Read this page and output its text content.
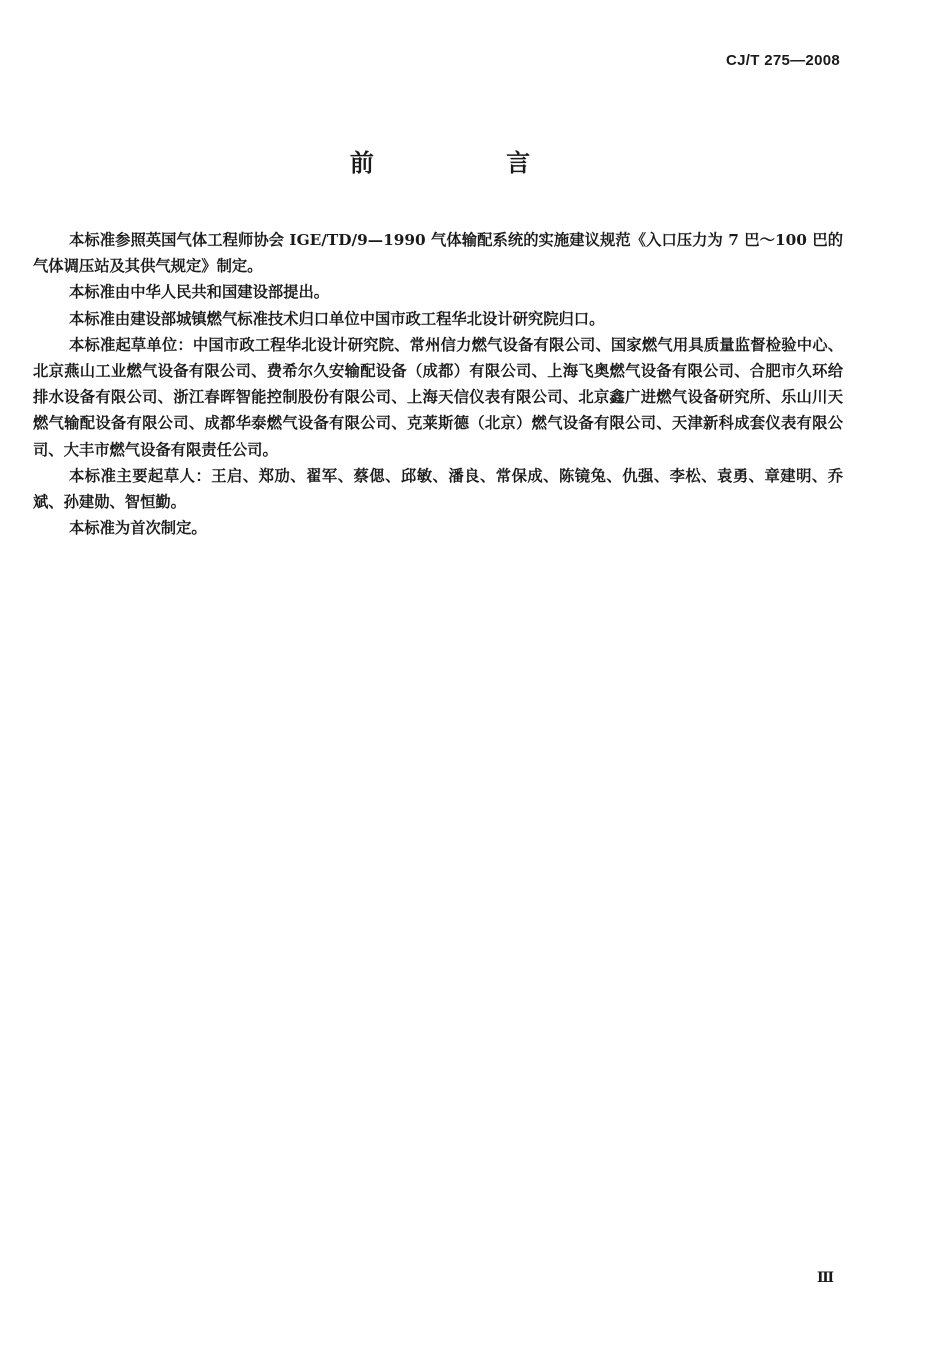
CJ/T 275—2008
前 言

本标准参照英国气体工程师协会 IGE/TD/9—1990 气体输配系统的实施建议规范《入口压力为 7 巴～100 巴的气体调压站及其供气规定》制定。

本标准由中华人民共和国建设部提出。

本标准由建设部城镇燃气标准技术归口单位中国市政工程华北设计研究院归口。

本标准起草单位：中国市政工程华北设计研究院、常州信力燃气设备有限公司、国家燃气用具质量监督检验中心、北京燕山工业燃气设备有限公司、费希尔久安输配设备（成都）有限公司、上海飞奥燃气设备有限公司、合肥市久环给排水设备有限公司、浙江春晖智能控制股份有限公司、上海天信仪表有限公司、北京鑫广进燃气设备研究所、乐山川天燃气输配设备有限公司、成都华泰燃气设备有限公司、克莱斯德（北京）燃气设备有限公司、天津新科成套仪表有限公司、大丰市燃气设备有限责任公司。

本标准主要起草人：王启、郑劢、翟军、蔡偲、邱敏、潘良、常保成、陈镜兔、仇强、李松、袁勇、章建明、乔斌、孙建勋、智恒勤。

本标准为首次制定。

Ⅲ
